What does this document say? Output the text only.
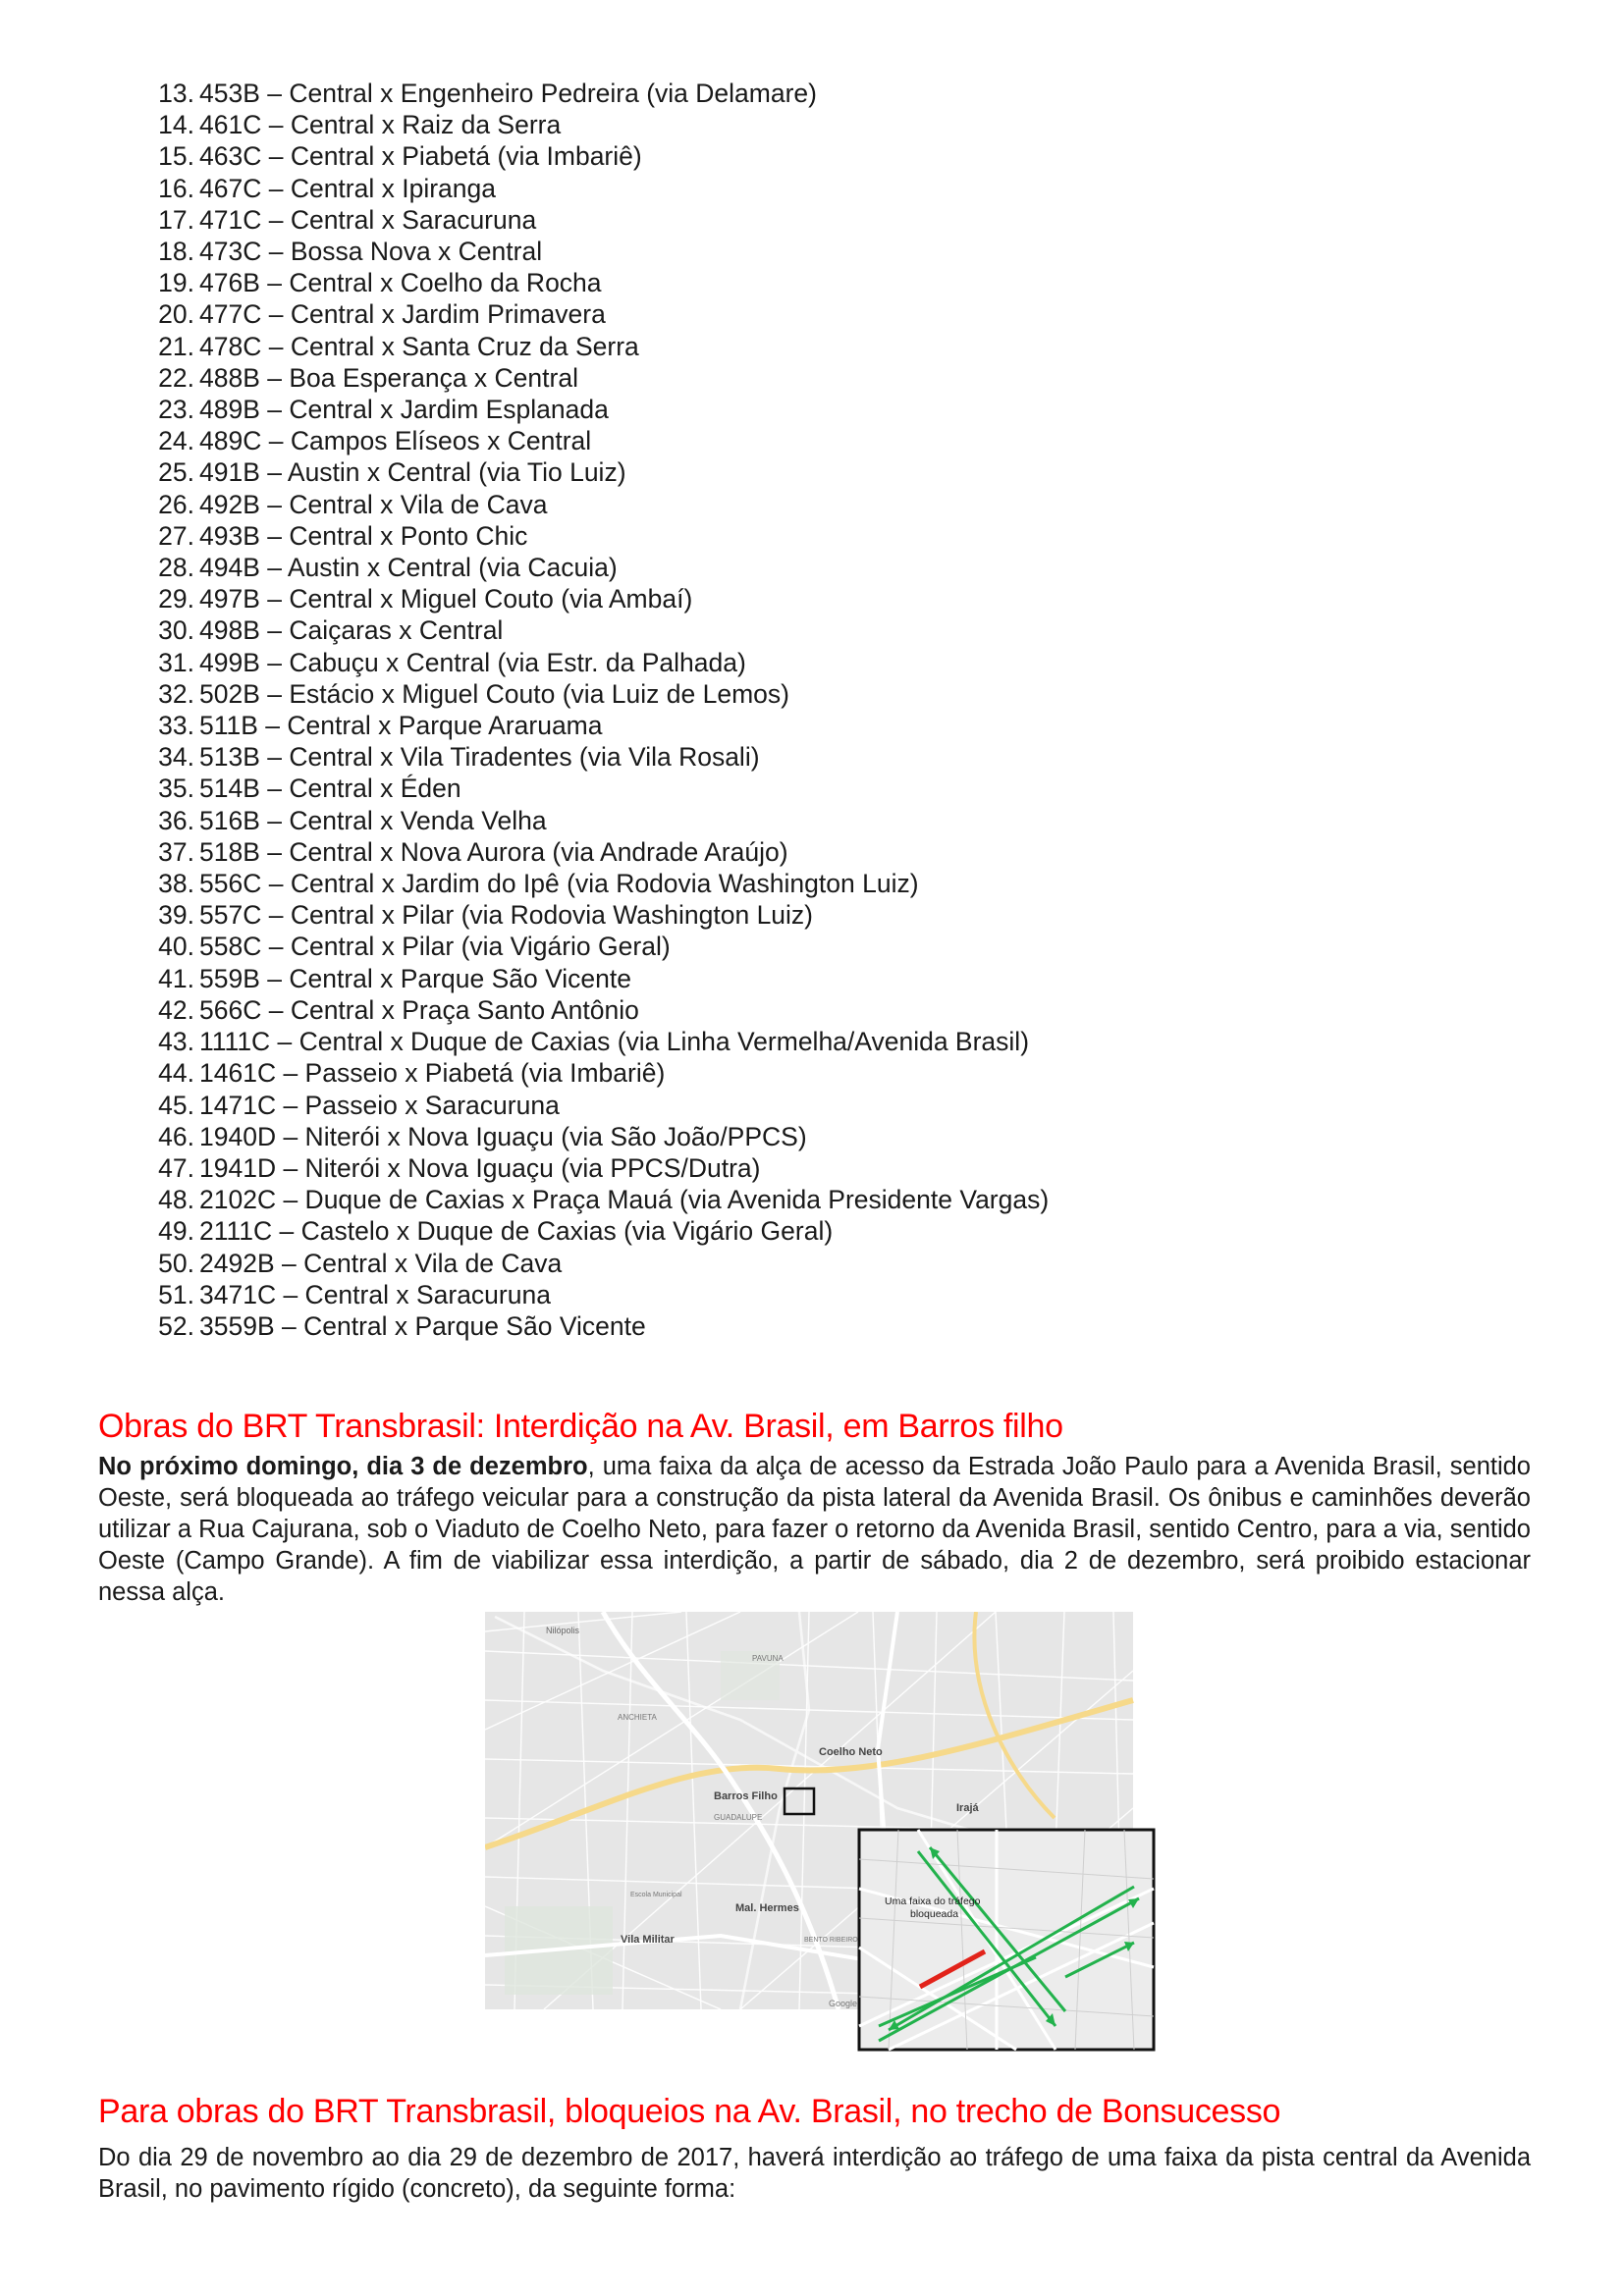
13. 453B – Central x Engenheiro Pedreira (via Delamare)
14. 461C – Central x Raiz da Serra
15. 463C – Central x Piabetá (via Imbariê)
16. 467C – Central x Ipiranga
17. 471C – Central x Saracuruna
18. 473C – Bossa Nova x Central
19. 476B – Central x Coelho da Rocha
20. 477C – Central x Jardim Primavera
21. 478C – Central x Santa Cruz da Serra
22. 488B – Boa Esperança x Central
23. 489B – Central x Jardim Esplanada
24. 489C – Campos Elíseos x Central
25. 491B – Austin x Central (via Tio Luiz)
26. 492B – Central x Vila de Cava
27. 493B – Central x Ponto Chic
28. 494B – Austin x Central (via Cacuia)
29. 497B – Central x Miguel Couto (via Ambaí)
30. 498B – Caiçaras x Central
31. 499B – Cabuçu x Central (via Estr. da Palhada)
32. 502B – Estácio x Miguel Couto (via Luiz de Lemos)
33. 511B – Central x Parque Araruama
34. 513B – Central x Vila Tiradentes (via Vila Rosali)
35. 514B – Central x Éden
36. 516B – Central x Venda Velha
37. 518B – Central x Nova Aurora (via Andrade Araújo)
38. 556C – Central x Jardim do Ipê (via Rodovia Washington Luiz)
39. 557C – Central x Pilar (via Rodovia Washington Luiz)
40. 558C – Central x Pilar (via Vigário Geral)
41. 559B – Central x Parque São Vicente
42. 566C – Central x Praça Santo Antônio
43. 1111C – Central x Duque de Caxias (via Linha Vermelha/Avenida Brasil)
44. 1461C – Passeio x Piabetá (via Imbariê)
45. 1471C – Passeio x Saracuruna
46. 1940D – Niterói x Nova Iguaçu (via São João/PPCS)
47. 1941D – Niterói x Nova Iguaçu (via PPCS/Dutra)
48. 2102C – Duque de Caxias x Praça Mauá (via Avenida Presidente Vargas)
49. 2111C – Castelo x Duque de Caxias (via Vigário Geral)
50. 2492B – Central x Vila de Cava
51. 3471C – Central x Saracuruna
52. 3559B – Central x Parque São Vicente
Obras do BRT Transbrasil: Interdição na Av. Brasil, em Barros filho

No próximo domingo, dia 3 de dezembro, uma faixa da alça de acesso da Estrada João Paulo para a Avenida Brasil, sentido Oeste, será bloqueada ao tráfego veicular para a construção da pista lateral da Avenida Brasil. Os ônibus e caminhões deverão utilizar a Rua Cajurana, sob o Viaduto de Coelho Neto, para fazer o retorno da Avenida Brasil, sentido Centro, para a via, sentido Oeste (Campo Grande). A fim de viabilizar essa interdição, a partir de sábado, dia 2 de dezembro, será proibido estacionar nessa alça.

Nilópolis
PAVUNA
ANCHIETA
Coelho Neto
Barros Filho
GUADALUPE
Irajá
Mal. Hermes
Vila Militar	BENTO RIBEIRO
Escola Municipal
Google
Uma faixa do tráfego
bloqueada
Para obras do BRT Transbrasil, bloqueios na Av. Brasil, no trecho de Bonsucesso

Do dia 29 de novembro ao dia 29 de dezembro de 2017, haverá interdição ao tráfego de uma faixa da pista central da Avenida Brasil, no pavimento rígido (concreto), da seguinte forma:
